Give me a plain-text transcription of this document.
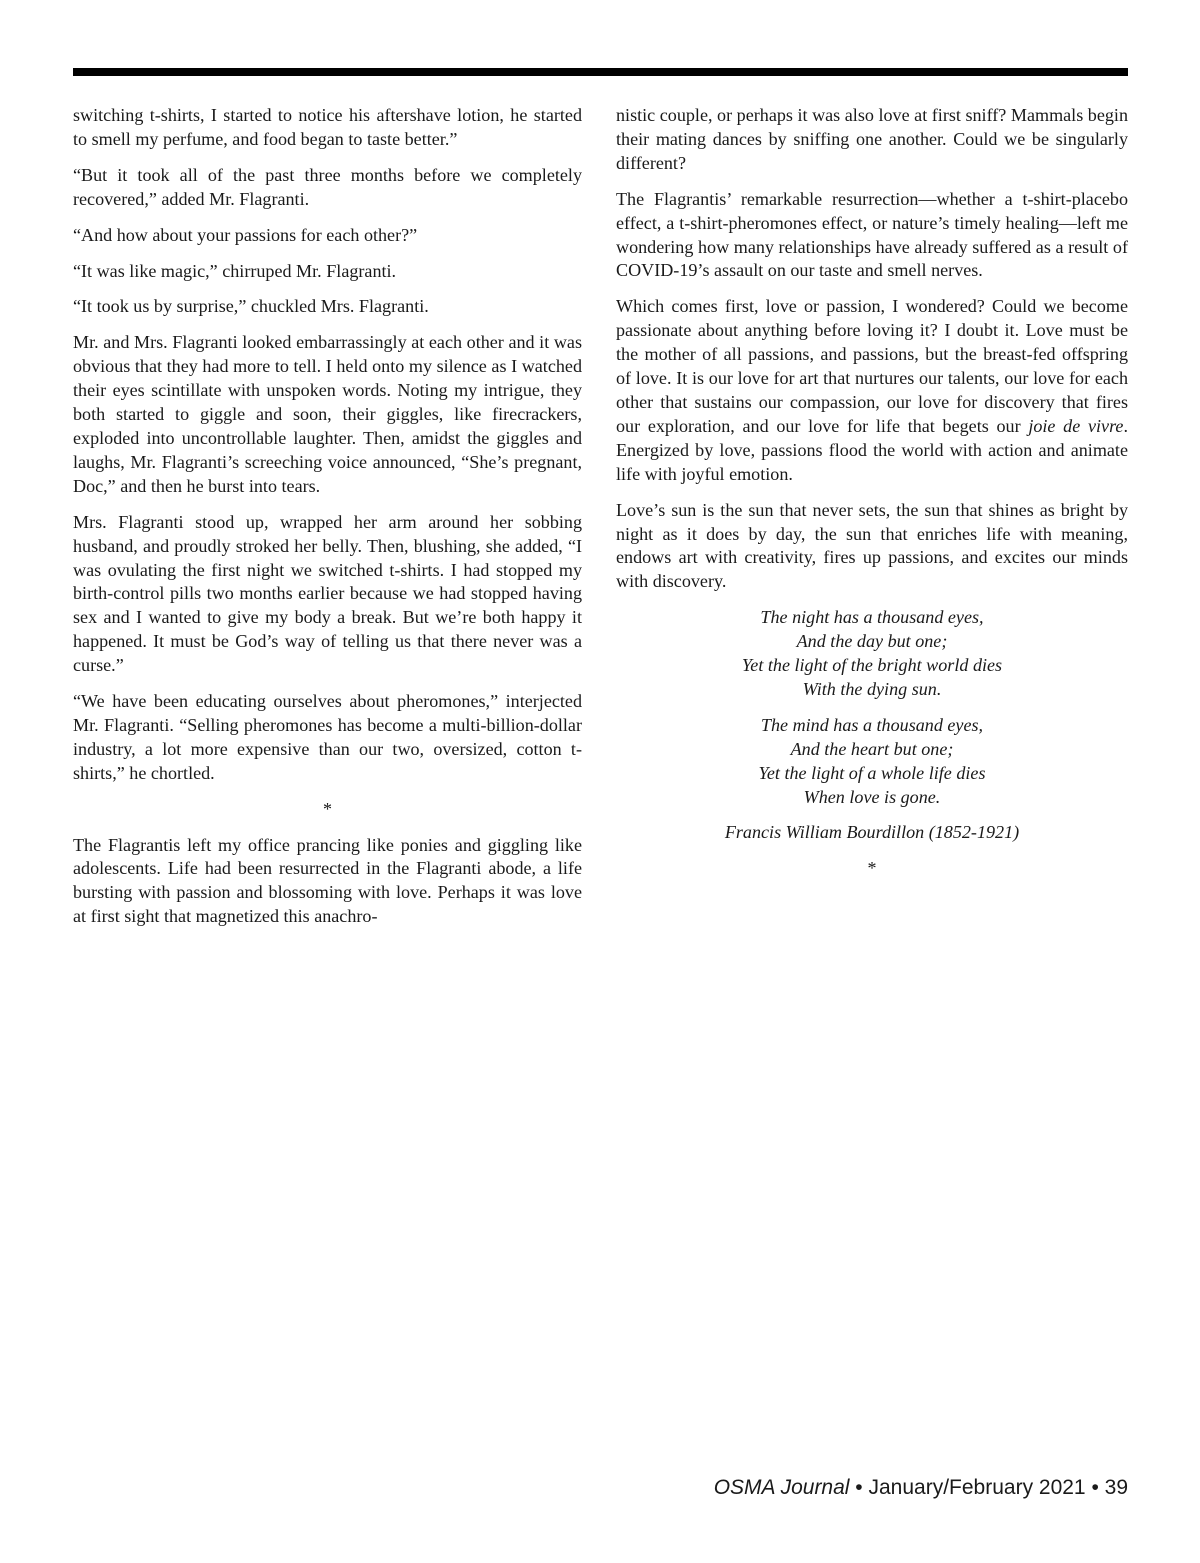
switching t-shirts, I started to notice his aftershave lotion, he started to smell my perfume, and food began to taste better.”

“But it took all of the past three months before we completely recovered,” added Mr. Flagranti.

“And how about your passions for each other?”

“It was like magic,” chirruped Mr. Flagranti.

“It took us by surprise,” chuckled Mrs. Flagranti.

Mr. and Mrs. Flagranti looked embarrassingly at each other and it was obvious that they had more to tell. I held onto my silence as I watched their eyes scintillate with unspoken words. Noting my intrigue, they both started to giggle and soon, their giggles, like firecrackers, exploded into uncontrollable laughter. Then, amidst the giggles and laughs, Mr. Flagranti’s screeching voice announced, “She’s pregnant, Doc,” and then he burst into tears.

Mrs. Flagranti stood up, wrapped her arm around her sobbing husband, and proudly stroked her belly. Then, blushing, she added, “I was ovulating the first night we switched t-shirts. I had stopped my birth-control pills two months earlier because we had stopped having sex and I wanted to give my body a break. But we’re both happy it happened. It must be God’s way of telling us that there never was a curse.”

“We have been educating ourselves about pheromones,” interjected Mr. Flagranti. “Selling pheromones has become a multi-billion-dollar industry, a lot more expensive than our two, oversized, cotton t-shirts,” he chortled.

*

The Flagrantis left my office prancing like ponies and giggling like adolescents. Life had been resurrected in the Flagranti abode, a life bursting with passion and blossoming with love. Perhaps it was love at first sight that magnetized this anachro-

nistic couple, or perhaps it was also love at first sniff? Mammals begin their mating dances by sniffing one another. Could we be singularly different?

The Flagrantis’ remarkable resurrection—whether a t-shirt-placebo effect, a t-shirt-pheromones effect, or nature’s timely healing—left me wondering how many relationships have already suffered as a result of COVID-19’s assault on our taste and smell nerves.

Which comes first, love or passion, I wondered? Could we become passionate about anything before loving it? I doubt it. Love must be the mother of all passions, and passions, but the breast-fed offspring of love. It is our love for art that nurtures our talents, our love for each other that sustains our compassion, our love for discovery that fires our exploration, and our love for life that begets our joie de vivre. Energized by love, passions flood the world with action and animate life with joyful emotion.

Love’s sun is the sun that never sets, the sun that shines as bright by night as it does by day, the sun that enriches life with meaning, endows art with creativity, fires up passions, and excites our minds with discovery.

The night has a thousand eyes,
And the day but one;
Yet the light of the bright world dies
With the dying sun.
The mind has a thousand eyes,
And the heart but one;
Yet the light of a whole life dies
When love is gone.
Francis William Bourdillon (1852-1921)
*
OSMA Journal • January/February 2021 • 39
